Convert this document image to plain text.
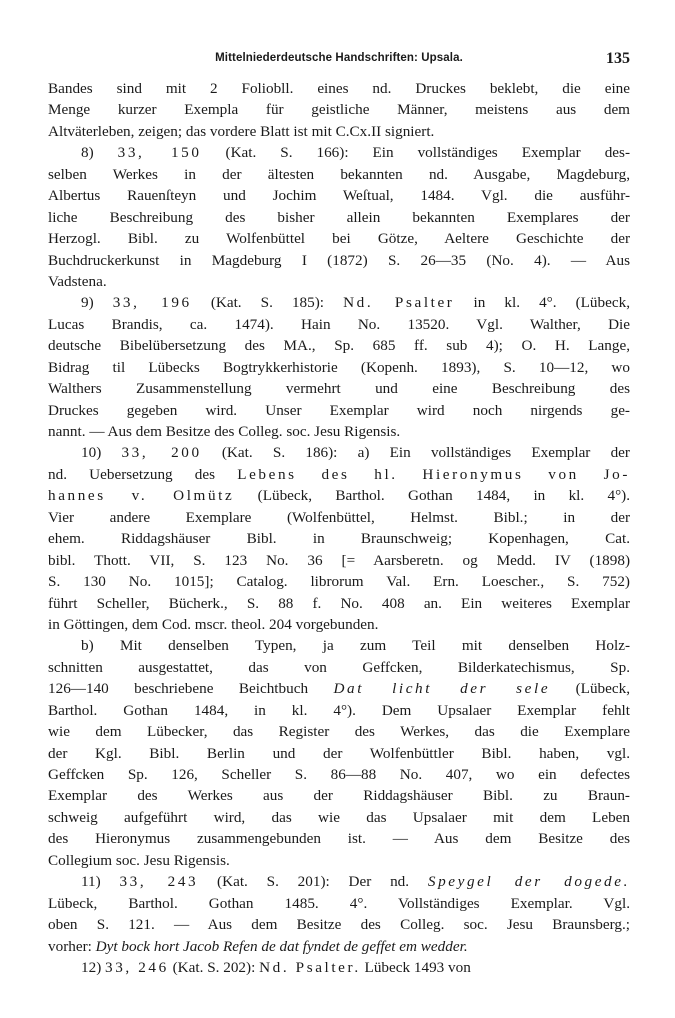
Mittelniederdeutsche Handschriften: Upsala.	135
Bandes sind mit 2 Foliobll. eines nd. Druckes beklebt, die eine
Menge kurzer Exempla für geistliche Männer, meistens aus dem
Altväterleben, zeigen; das vordere Blatt ist mit C.Cx.II signiert.
8) 33, 150 (Kat. S. 166): Ein vollständiges Exemplar des-
selben Werkes in der ältesten bekannten nd. Ausgabe, Magdeburg,
Albertus Rauenſteyn und Jochim Weſtual, 1484. Vgl. die ausführ-
liche Beschreibung des bisher allein bekannten Exemplares der
Herzogl. Bibl. zu Wolfenbüttel bei Götze, Aeltere Geschichte der
Buchdruckerkunst in Magdeburg I (1872) S. 26—35 (No. 4). — Aus
Vadstena.
9) 33, 196 (Kat. S. 185): Nd. Psalter in kl. 4°. (Lübeck,
Lucas Brandis, ca. 1474). Hain No. 13520. Vgl. Walther, Die
deutsche Bibelübersetzung des MA., Sp. 685 ff. sub 4); O. H. Lange,
Bidrag til Lübecks Bogtrykkerhistorie (Kopenh. 1893), S. 10—12, wo
Walthers Zusammenstellung vermehrt und eine Beschreibung des
Druckes gegeben wird. Unser Exemplar wird noch nirgends ge-
nannt. — Aus dem Besitze des Colleg. soc. Jesu Rigensis.
10) 33, 200 (Kat. S. 186): a) Ein vollständiges Exemplar der
nd. Uebersetzung des Lebens des hl. Hieronymus von Jo-
hannes v. Olmütz (Lübeck, Barthol. Gothan 1484, in kl. 4°).
Vier andere Exemplare (Wolfenbüttel, Helmst. Bibl.; in der
ehem. Riddagshäuser Bibl. in Braunschweig; Kopenhagen, Cat.
bibl. Thott. VII, S. 123 No. 36 [= Aarsberetn. og Medd. IV (1898)
S. 130 No. 1015]; Catalog. librorum Val. Ern. Loescher., S. 752)
führt Scheller, Bücherk., S. 88 f. No. 408 an. Ein weiteres Exemplar
in Göttingen, dem Cod. mscr. theol. 204 vorgebunden.
b) Mit denselben Typen, ja zum Teil mit denselben Holz-
schnitten ausgestattet, das von Geffcken, Bilderkatechismus, Sp.
126—140 beschriebene Beichtbuch Dat licht der sele (Lübeck,
Barthol. Gothan 1484, in kl. 4°). Dem Upsalaer Exemplar fehlt
wie dem Lübecker, das Register des Werkes, das die Exemplare
der Kgl. Bibl. Berlin und der Wolfenbüttler Bibl. haben, vgl.
Geffcken Sp. 126, Scheller S. 86—88 No. 407, wo ein defectes
Exemplar des Werkes aus der Riddagshäuser Bibl. zu Braun-
schweig aufgeführt wird, das wie das Upsalaer mit dem Leben
des Hieronymus zusammengebunden ist. — Aus dem Besitze des
Collegium soc. Jesu Rigensis.
11) 33, 243 (Kat. S. 201): Der nd. Speygel der dogede.
Lübeck, Barthol. Gothan 1485. 4°. Vollständiges Exemplar. Vgl.
oben S. 121. — Aus dem Besitze des Colleg. soc. Jesu Braunsberg.;
vorher: Dyt bock hort Jacob Refen de dat fyndet de geffet em wedder.
12) 33, 246 (Kat. S. 202): Nd. Psalter. Lübeck 1493 von
